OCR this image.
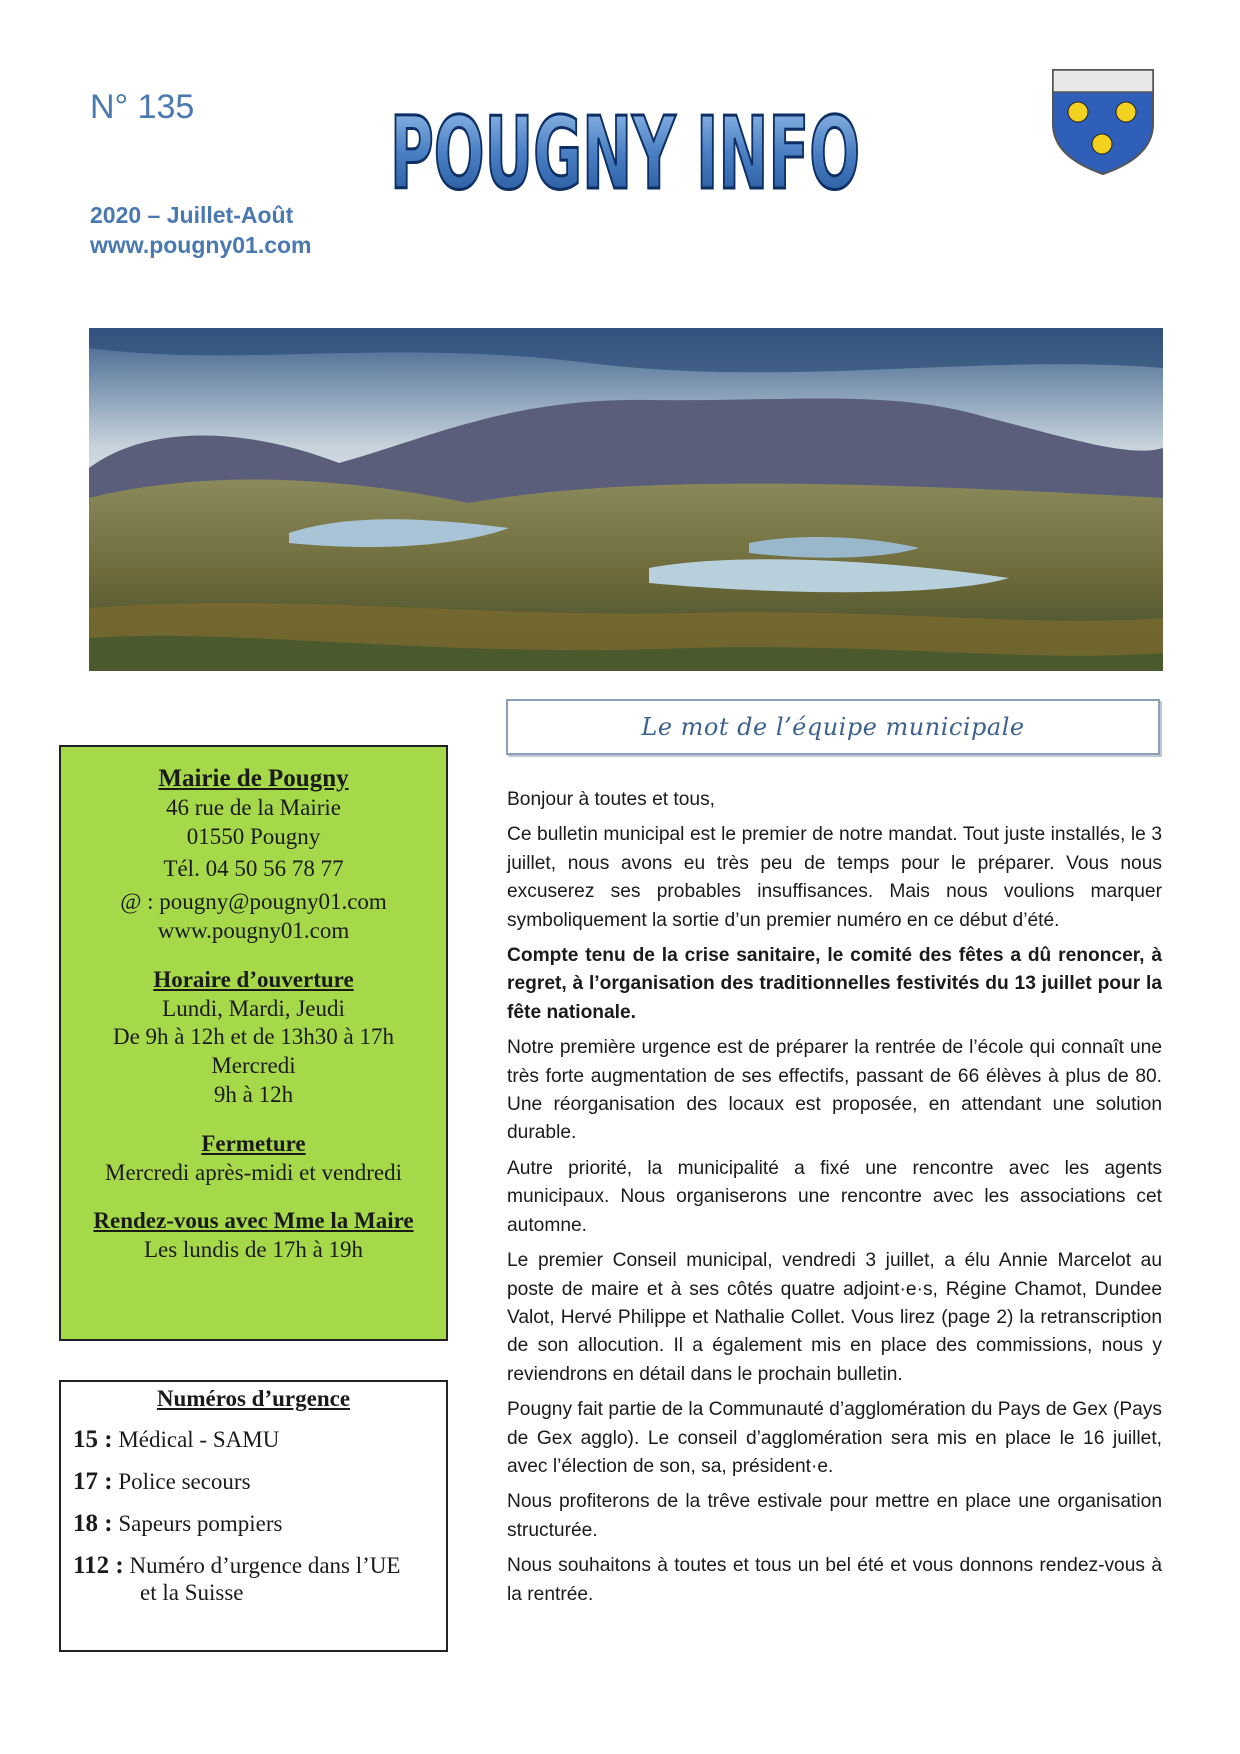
N° 135
2020 – Juillet-Août
www.pougny01.com
POUGNY INFO
Le mot de l’équipe municipale

Bonjour à toutes et tous,

Ce bulletin municipal est le premier de notre mandat. Tout juste installés, le 3 juillet, nous avons eu très peu de temps pour le préparer. Vous nous excuserez ses probables insuffisances. Mais nous voulions marquer symboliquement la sortie d’un premier numéro en ce début d’été.

Compte tenu de la crise sanitaire, le comité des fêtes a dû renoncer, à regret, à l’organisation des traditionnelles festivités du 13 juillet pour la fête nationale.

Notre première urgence est de préparer la rentrée de l’école qui connaît une très forte augmentation de ses effectifs, passant de 66 élèves à plus de 80. Une réorganisation des locaux est proposée, en attendant une solution durable.

Autre priorité, la municipalité a fixé une rencontre avec les agents municipaux. Nous organiserons une rencontre avec les associations cet automne.

Le premier Conseil municipal, vendredi 3 juillet, a élu Annie Marcelot au poste de maire et à ses côtés quatre adjoint·e·s, Régine Chamot, Dundee Valot, Hervé Philippe et Nathalie Collet. Vous lirez (page 2) la retranscription de son allocution. Il a également mis en place des commissions, nous y reviendrons en détail dans le prochain bulletin.

Pougny fait partie de la Communauté d’agglomération du Pays de Gex (Pays de Gex agglo). Le conseil d’agglomération sera mis en place le 16 juillet, avec l’élection de son, sa, président·e.

Nous profiterons de la trêve estivale pour mettre en place une organisation structurée.

Nous souhaitons à toutes et tous un bel été et vous donnons rendez-vous à la rentrée.

Mairie de Pougny
46 rue de la Mairie
01550 Pougny
Tél. 04 50 56 78 77
@ : pougny@pougny01.com
www.pougny01.com
Horaire d’ouverture
Lundi, Mardi, Jeudi
De 9h à 12h et de 13h30 à 17h
Mercredi
9h à 12h
Fermeture
Mercredi après-midi et vendredi
Rendez-vous avec Mme la Maire
Les lundis de 17h à 19h
Numéros d’urgence
15 : Médical - SAMU
17 : Police secours
18 : Sapeurs pompiers
112 : Numéro d’urgence dans l’UE
et la Suisse
